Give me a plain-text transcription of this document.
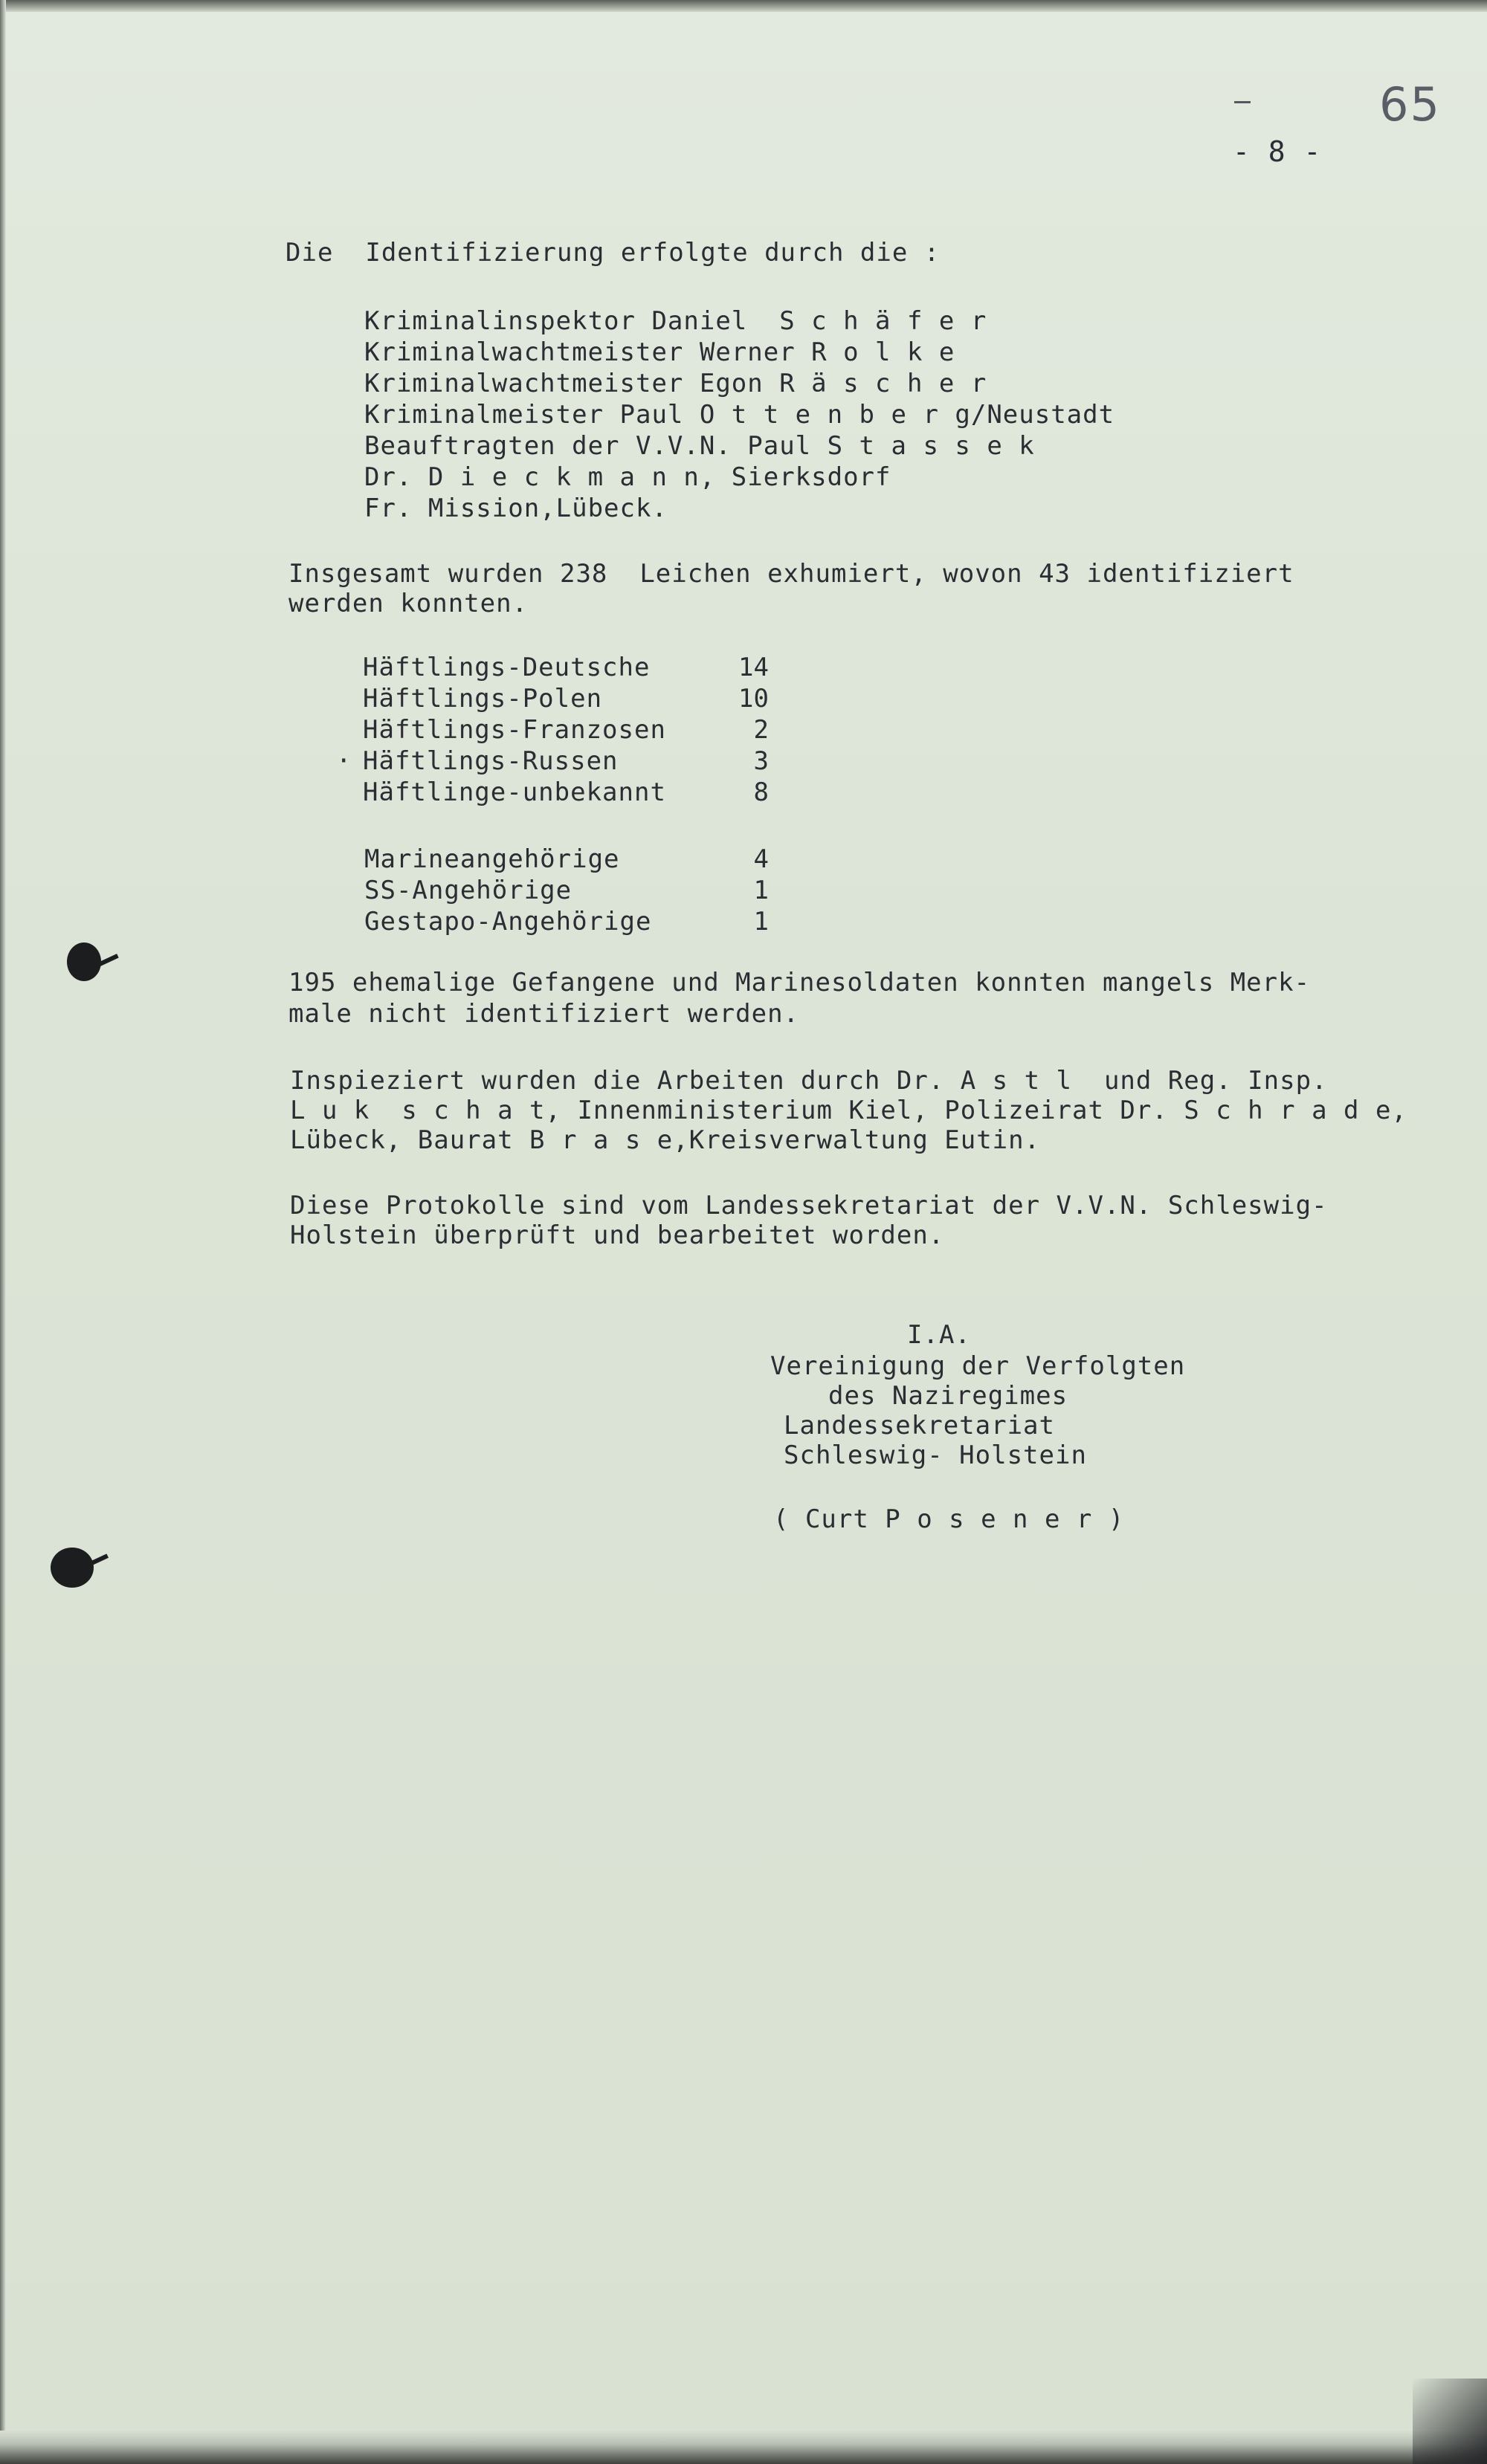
65
- 8 -
Die  Identifizierung erfolgte durch die :
Kriminalinspektor Daniel  S c h ä f e r
Kriminalwachtmeister Werner R o l k e
Kriminalwachtmeister Egon R ä s c h e r
Kriminalmeister Paul O t t e n b e r g/Neustadt
Beauftragten der V.V.N. Paul S t a s s e k
Dr. D i e c k m a n n, Sierksdorf
Fr. Mission,Lübeck.
Insgesamt wurden 238  Leichen exhumiert, wovon 43 identifiziert
werden konnten.
Häftlings-Deutsche	14
Häftlings-Polen	10
Häftlings-Franzosen	2
· Häftlings-Russen	3
Häftlinge-unbekannt	8
Marineangehörige	4
SS-Angehörige	1
Gestapo-Angehörige	1
195 ehemalige Gefangene und Marinesoldaten konnten mangels Merk-
male nicht identifiziert werden.
Inspieziert wurden die Arbeiten durch Dr. A s t l  und Reg. Insp.
L u k  s c h a t, Innenministerium Kiel, Polizeirat Dr. S c h r a d e,
Lübeck, Baurat B r a s e,Kreisverwaltung Eutin.
Diese Protokolle sind vom Landessekretariat der V.V.N. Schleswig-
Holstein überprüft und bearbeitet worden.
I.A.
Vereinigung der Verfolgten
des Naziregimes
Landessekretariat
Schleswig- Holstein
( Curt P o s e n e r )
